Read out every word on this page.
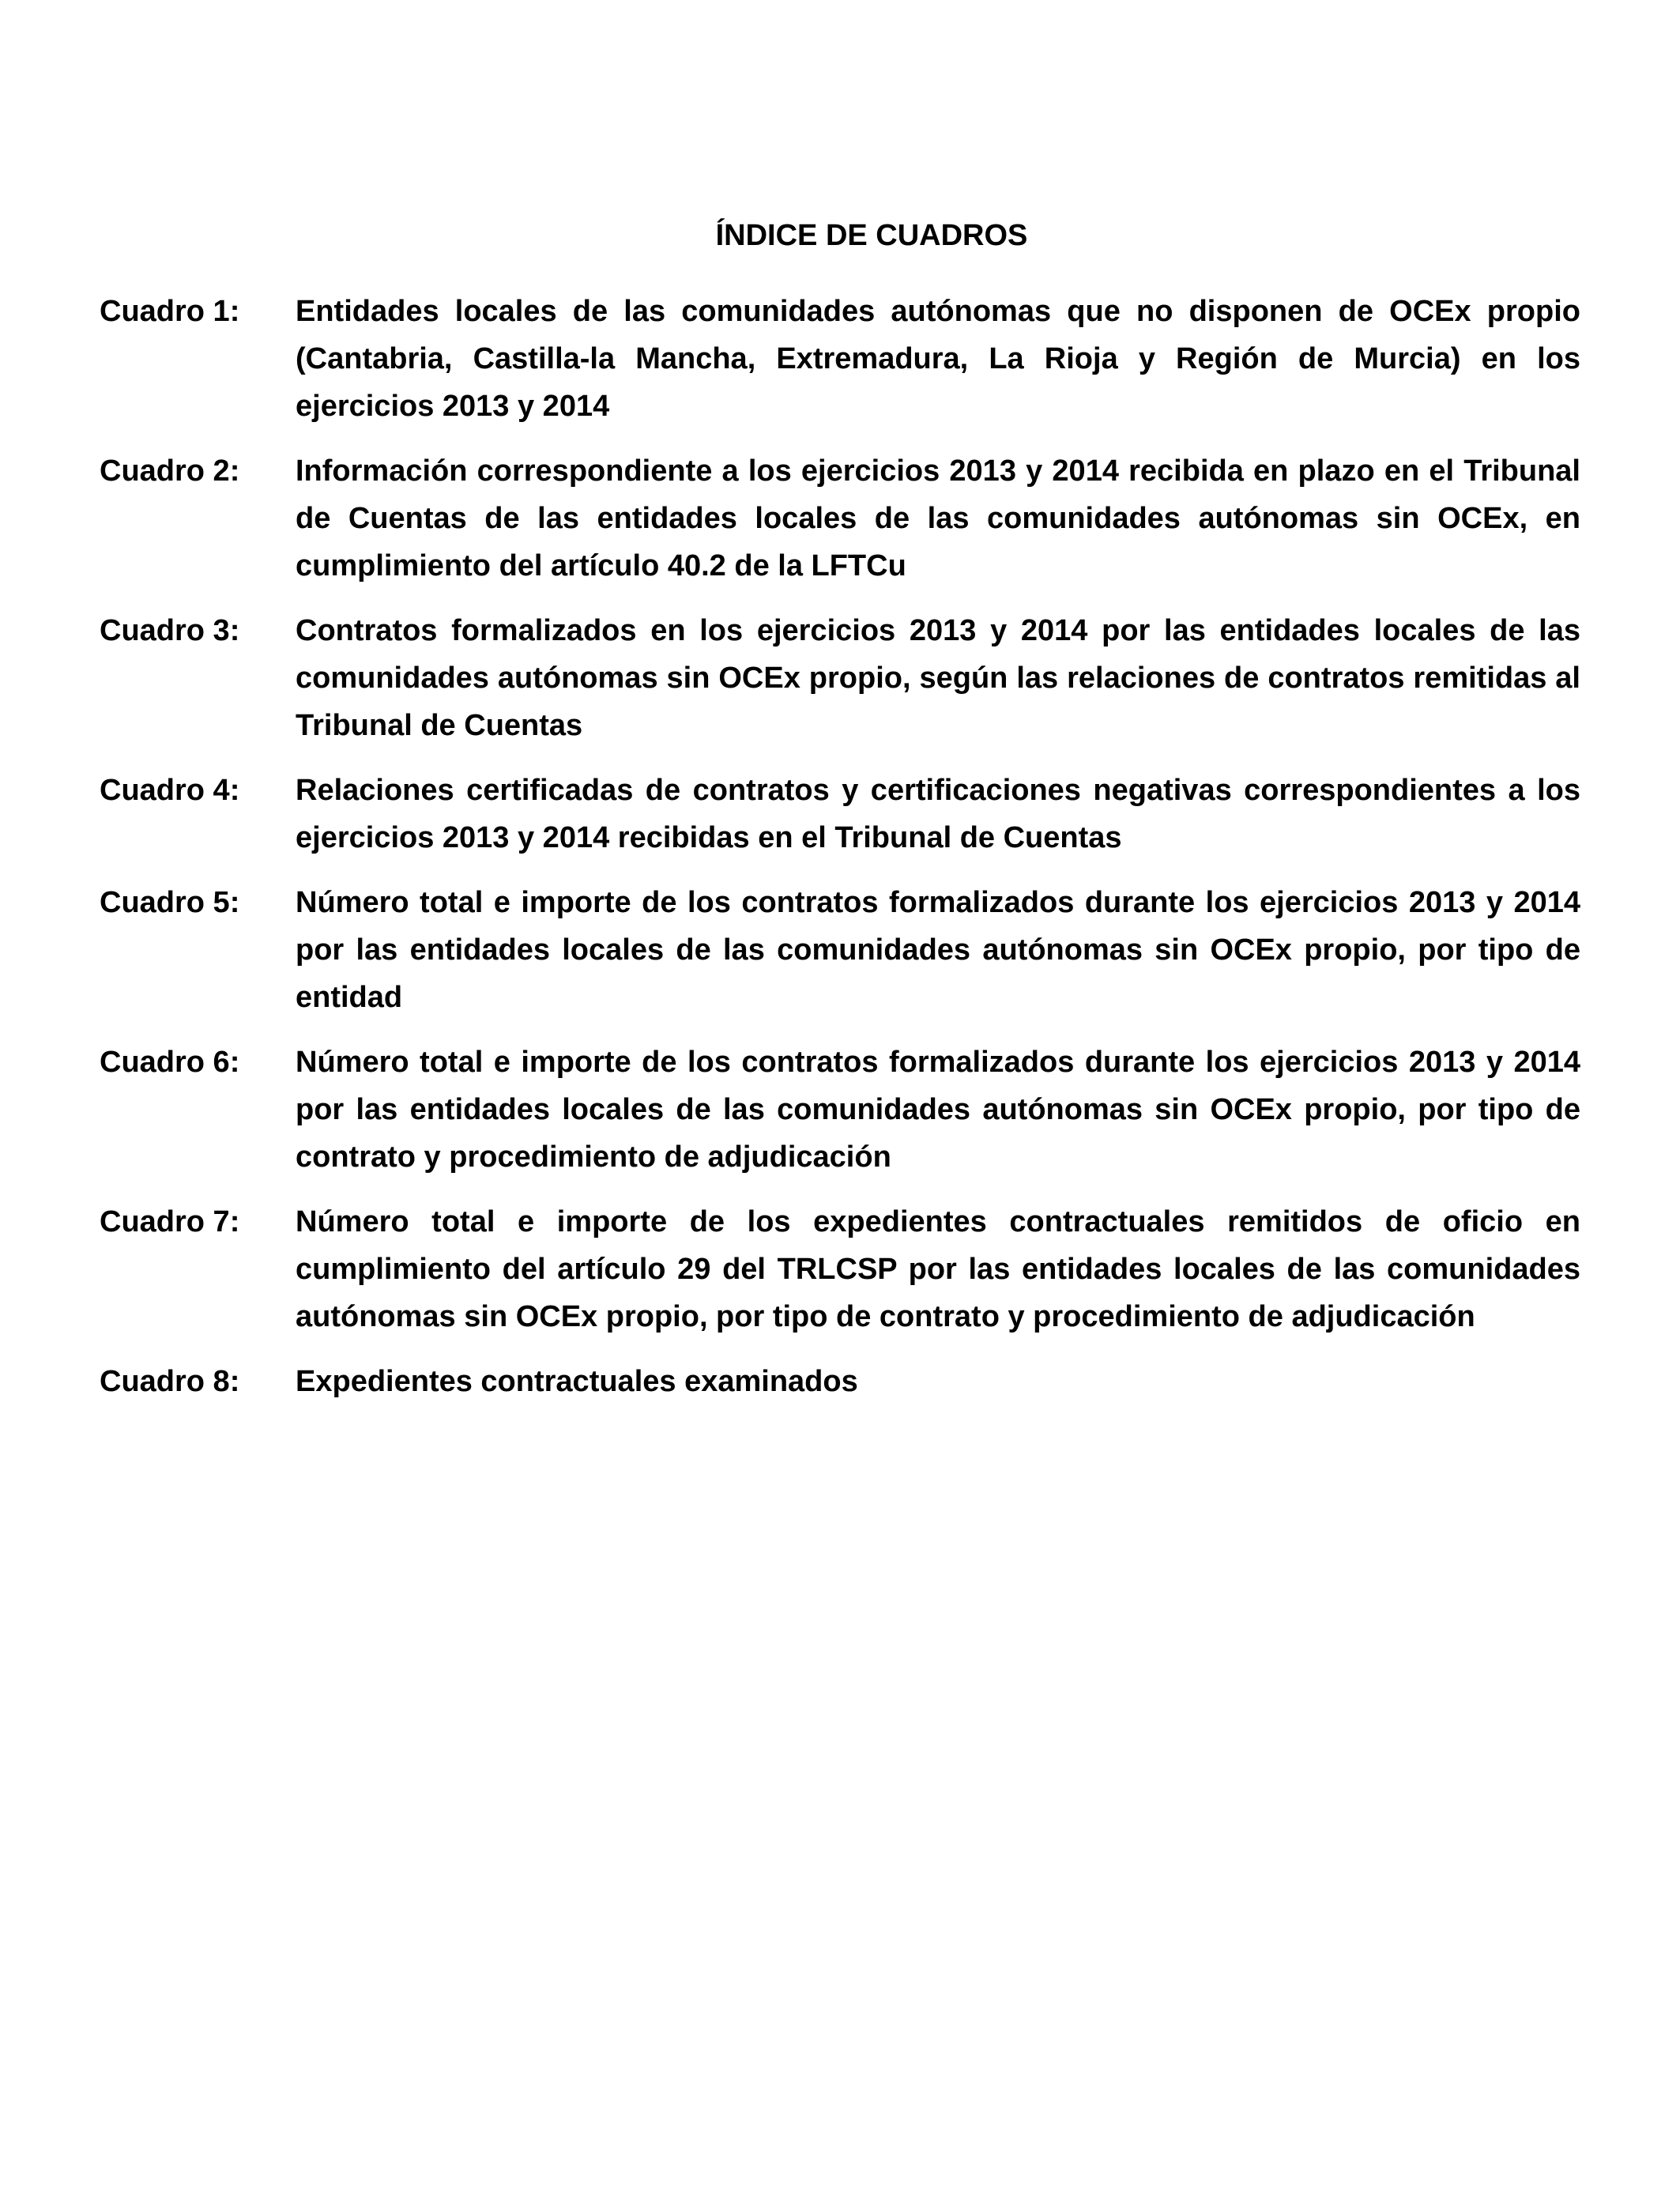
ÍNDICE DE CUADROS
Cuadro 1:	Entidades locales de las comunidades autónomas que no disponen de OCEx propio (Cantabria, Castilla-la Mancha, Extremadura, La Rioja y Región de Murcia) en los ejercicios 2013 y 2014
Cuadro 2:	Información correspondiente a los ejercicios 2013 y 2014 recibida en plazo en el Tribunal de Cuentas de las entidades locales de las comunidades autónomas sin OCEx, en cumplimiento del artículo 40.2 de la LFTCu
Cuadro 3:	Contratos formalizados en los ejercicios 2013 y 2014 por las entidades locales de las comunidades autónomas sin OCEx propio, según las relaciones de contratos remitidas al Tribunal de Cuentas
Cuadro 4:	Relaciones certificadas de contratos y certificaciones negativas correspondientes a los ejercicios 2013 y 2014 recibidas en el Tribunal de Cuentas
Cuadro 5:	Número total e importe de los contratos formalizados durante los ejercicios 2013 y 2014 por las entidades locales de las comunidades autónomas sin OCEx propio, por tipo de entidad
Cuadro 6:	Número total e importe de los contratos formalizados durante los ejercicios 2013 y 2014 por las entidades locales de las comunidades autónomas sin OCEx propio, por tipo de contrato y procedimiento de adjudicación
Cuadro 7:	Número total e importe de los expedientes contractuales remitidos de oficio en cumplimiento del artículo 29 del TRLCSP por las entidades locales de las comunidades autónomas sin OCEx propio, por tipo de contrato y procedimiento de adjudicación
Cuadro 8:	Expedientes contractuales examinados
